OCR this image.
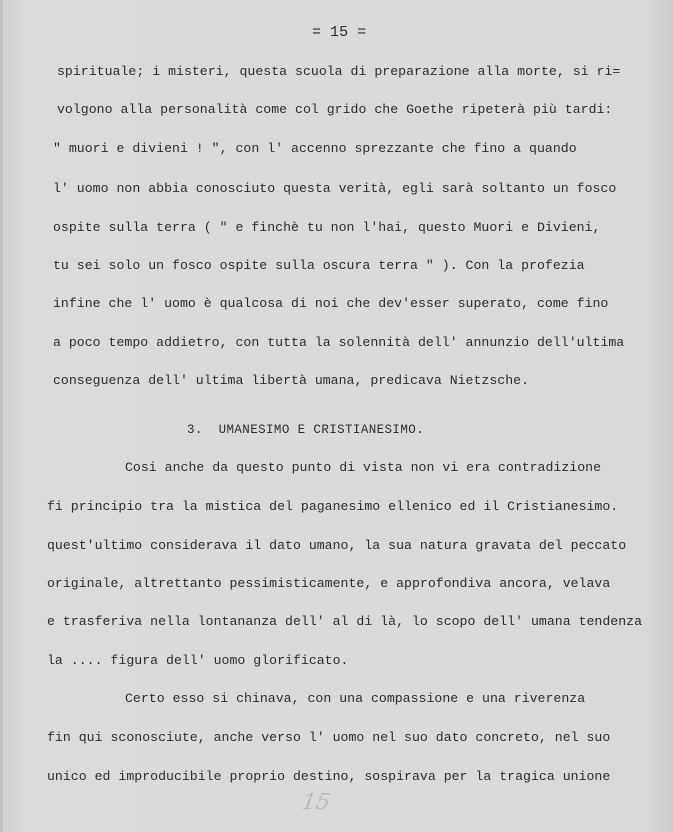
= 15 =
spirituale; i misteri, questa scuola di preparazione alla morte, si ri=
volgono alla personalità come col grido che Goethe ripeterà più tardi:
" muori e divieni ! ", con l' accenno sprezzante che fino a quando
l' uomo non abbia conosciuto questa verità, egli sarà soltanto un fosco
ospite sulla terra ( " e finchè tu non l'hai, questo Muori e Divieni,
tu sei solo un fosco ospite sulla oscura terra " ). Con la profezia
infine che l' uomo è qualcosa di noi che dev'esser superato, come fino
a poco tempo addietro, con tutta la solennità dell' annunzio dell'ultima
conseguenza dell' ultima libertà umana, predicava Nietzsche.
3.  UMANESIMO E CRISTIANESIMO.
Cosi anche da questo punto di vista non vi era contradizione
fi principio tra la mistica del paganesimo ellenico ed il Cristianesimo.
quest'ultimo considerava il dato umano, la sua natura gravata del peccato
originale, altrettanto pessimisticamente, e approfondiva ancora, velava
e trasferiva nella lontananza dell' al di là, lo scopo dell' umana tendenza
la .... figura dell' uomo glorificato.
Certo esso si chinava, con una compassione e una riverenza
fin qui sconosciute, anche verso l' uomo nel suo dato concreto, nel suo
unico ed improducibile proprio destino, sospirava per la tragica unione
15
